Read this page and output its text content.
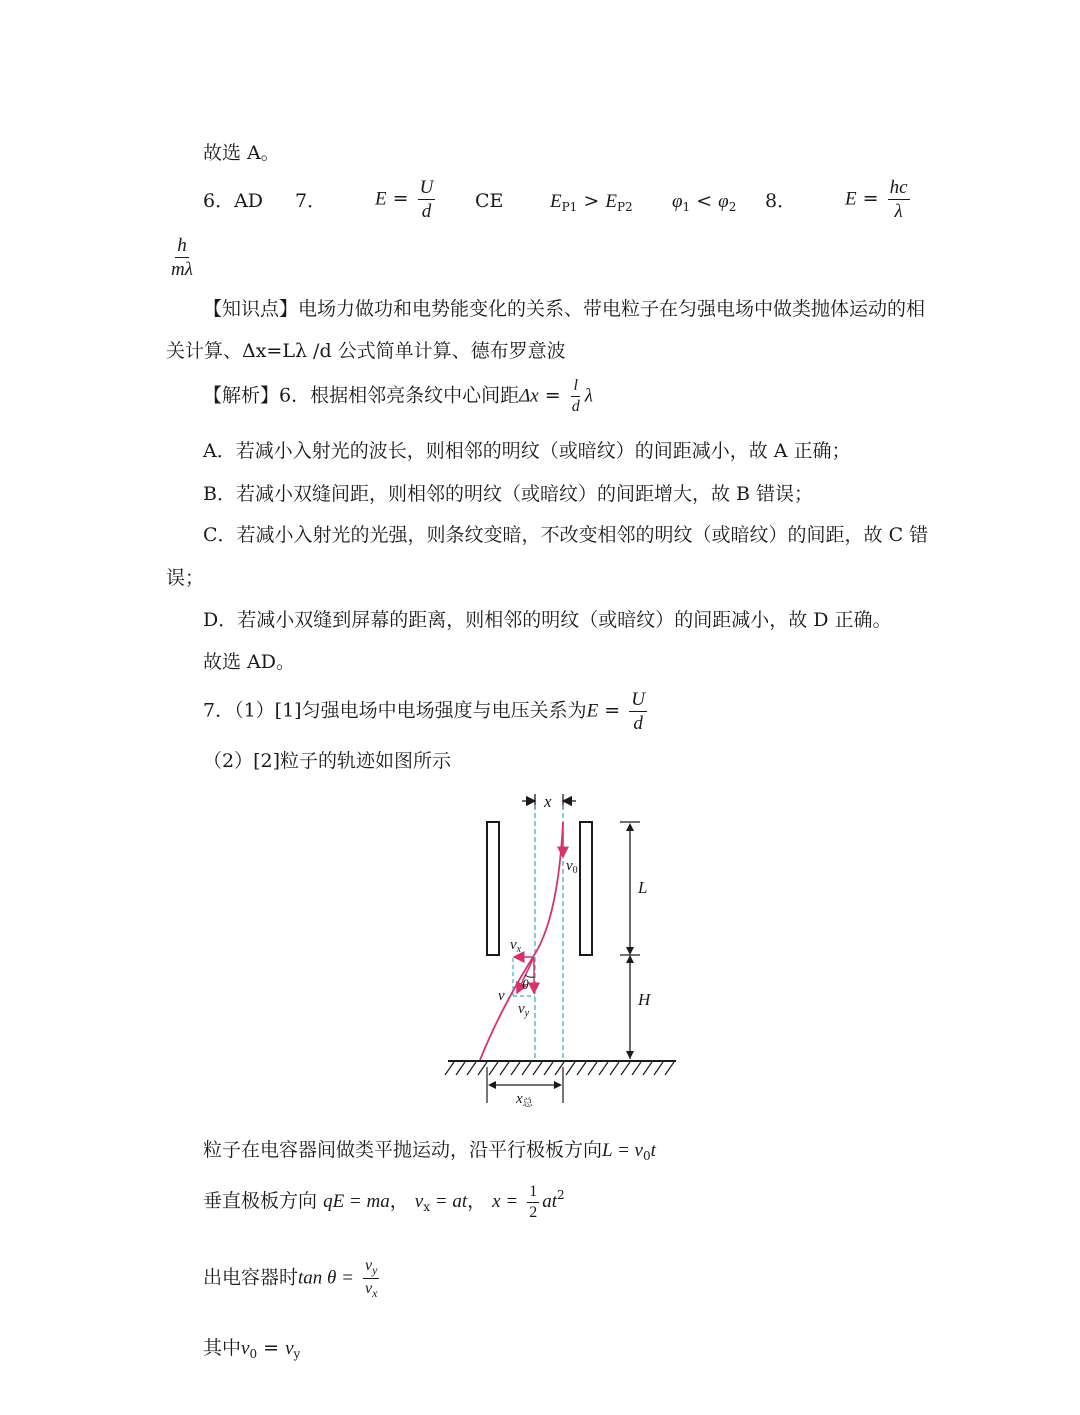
故选 A。
6．AD 7．	$E = \frac{U}{d}$ CE $E_{P1} > E_{P2}$ $\varphi_1 < \varphi_2$ 8．	$E = \frac{hc}{\lambda}$
$\frac{h}{m\lambda}$
【知识点】电场力做功和电势能变化的关系、带电粒子在匀强电场中做类抛体运动的相
关计算、Δx=Lλ /d 公式简单计算、德布罗意波
【解析】6．根据相邻亮条纹中心间距$\Delta x = \frac{l}{d}$ λ
A．若减小入射光的波长，则相邻的明纹（或暗纹）的间距减小，故 A 正确；
B．若减小双缝间距，则相邻的明纹（或暗纹）的间距增大，故 B 错误；
C．若减小入射光的光强，则条纹变暗，不改变相邻的明纹（或暗纹）的间距，故 C 错
误；
D．若减小双缝到屏幕的距离，则相邻的明纹（或暗纹）的间距减小，故 D 正确。
故选 AD。
7．（1）[1]匀强电场中电场强度与电压关系为$E = \frac{U}{d}$
（2）[2]粒子的轨迹如图所示
x
$v_0$
L
H
$v_x$
v
θ
$v_y$
$x_总$
粒子在电容器间做类平抛运动，沿平行极板方向$L = v_0t$
垂直极板方向 qE = ma， $v_x$ = at， $x = \frac{1}{2} at^2$
出电容器时$\tan \theta = \frac{v_y}{v_x}$
其中$v_0 = v_y$
